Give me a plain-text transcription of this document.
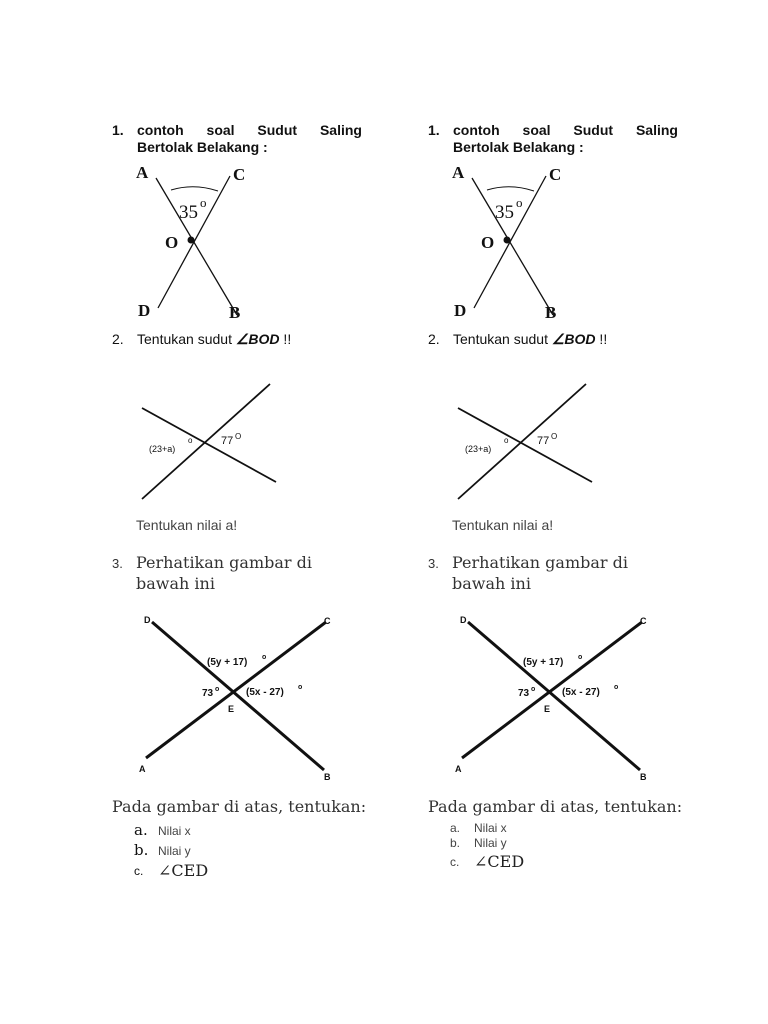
1. contoh soal Sudut Saling
Bertolak Belakang :
A	C
O
D	B
35 o
2. Tentukan sudut ∠BOD !!
(23+a)
o	77 O
Tentukan nilai a!
3. Perhatikan gambar di bawah ini
D	C
A
B
E
(5y + 17) o
73 o	(5x - 27) o
Pada gambar di atas, tentukan:
a. Nilai x
b. Nilai y
c. ∠CED
1. contoh soal Sudut Saling
Bertolak Belakang :
A	C
O
D	B
35 o
2. Tentukan sudut ∠BOD !!
(23+a)
o	77 O
Tentukan nilai a!
3. Perhatikan gambar di bawah ini
D	C
A
B
E
(5y + 17) o
73 o	(5x - 27) o
Pada gambar di atas, tentukan:
a. Nilai x
b. Nilai y
c. ∠CED
